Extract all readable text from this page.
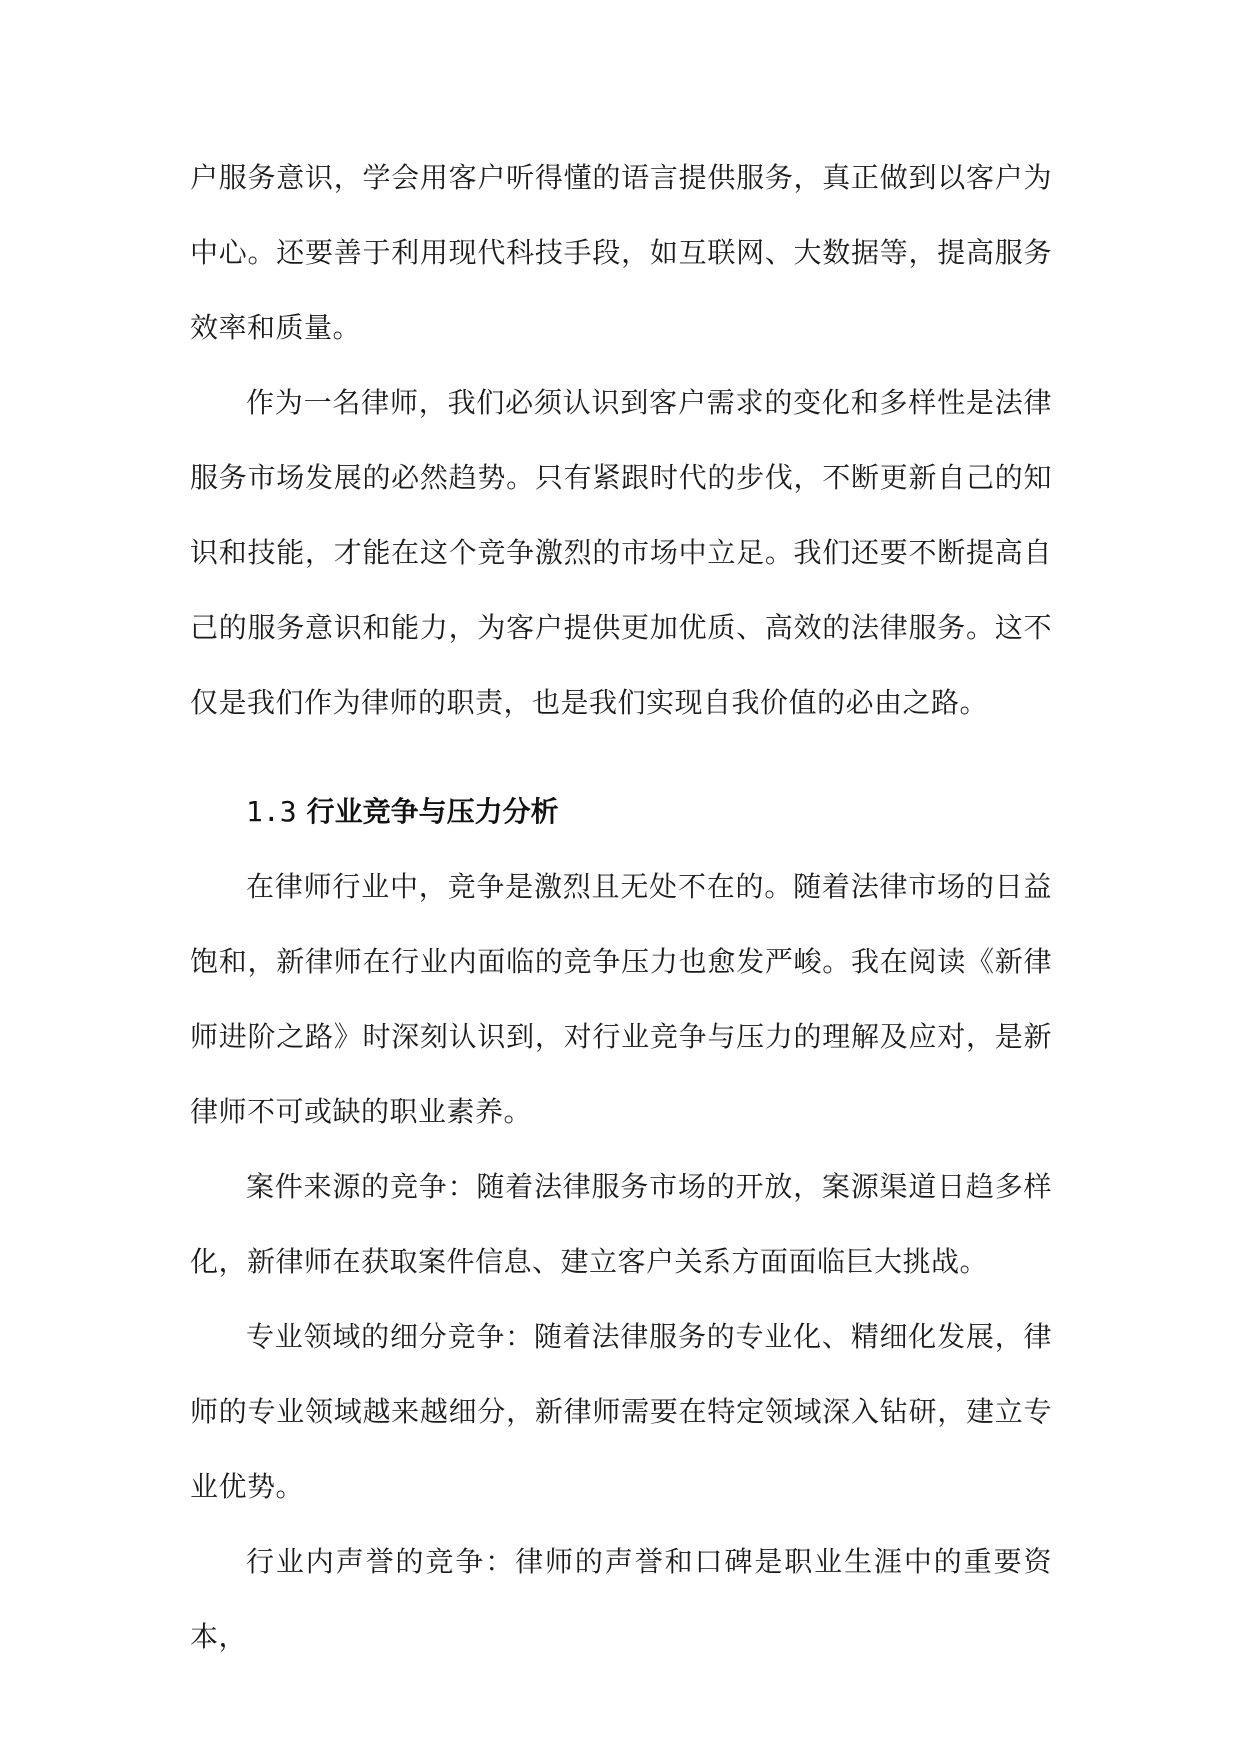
户服务意识，学会用客户听得懂的语言提供服务，真正做到以客户为中心。还要善于利用现代科技手段，如互联网、大数据等，提高服务效率和质量。

作为一名律师，我们必须认识到客户需求的变化和多样性是法律服务市场发展的必然趋势。只有紧跟时代的步伐，不断更新自己的知识和技能，才能在这个竞争激烈的市场中立足。我们还要不断提高自己的服务意识和能力，为客户提供更加优质、高效的法律服务。这不仅是我们作为律师的职责，也是我们实现自我价值的必由之路。

1.3 行业竞争与压力分析

在律师行业中，竞争是激烈且无处不在的。随着法律市场的日益饱和，新律师在行业内面临的竞争压力也愈发严峻。我在阅读《新律师进阶之路》时深刻认识到，对行业竞争与压力的理解及应对，是新律师不可或缺的职业素养。

案件来源的竞争：随着法律服务市场的开放，案源渠道日趋多样化，新律师在获取案件信息、建立客户关系方面面临巨大挑战。

专业领域的细分竞争：随着法律服务的专业化、精细化发展，律师的专业领域越来越细分，新律师需要在特定领域深入钻研，建立专业优势。

行业内声誉的竞争：律师的声誉和口碑是职业生涯中的重要资本，
